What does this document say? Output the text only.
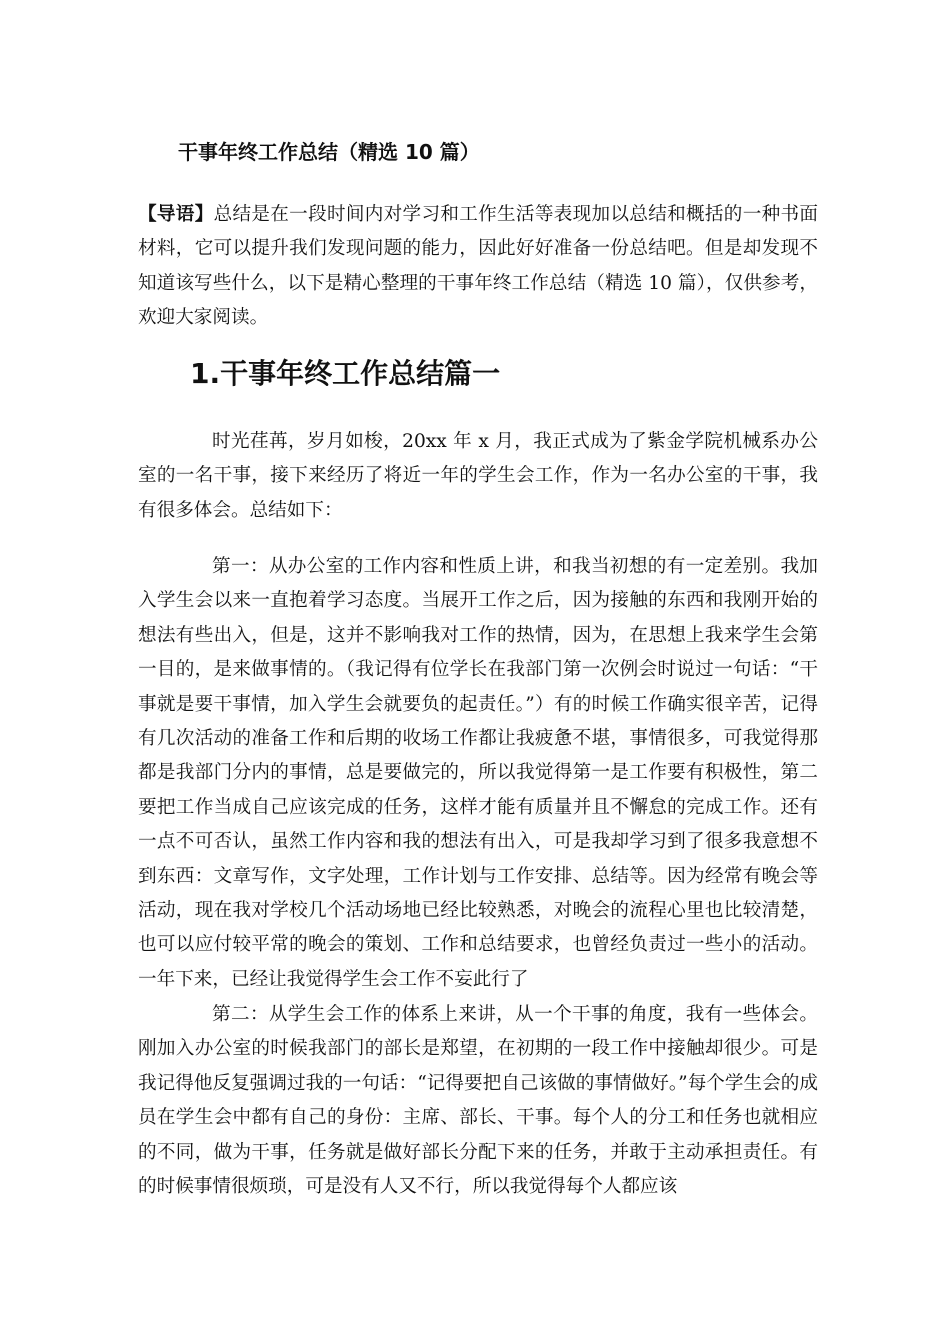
干事年终工作总结（精选 10 篇）

【导语】总结是在一段时间内对学习和工作生活等表现加以总结和概括的一种书面材料，它可以提升我们发现问题的能力，因此好好准备一份总结吧。但是却发现不知道该写些什么，以下是精心整理的干事年终工作总结（精选 10 篇），仅供参考，欢迎大家阅读。

1.干事年终工作总结篇一

时光荏苒，岁月如梭，20xx 年 x 月，我正式成为了紫金学院机械系办公室的一名干事，接下来经历了将近一年的学生会工作，作为一名办公室的干事，我有很多体会。总结如下：

第一：从办公室的工作内容和性质上讲，和我当初想的有一定差别。我加入学生会以来一直抱着学习态度。当展开工作之后，因为接触的东西和我刚开始的想法有些出入，但是，这并不影响我对工作的热情，因为，在思想上我来学生会第一目的，是来做事情的。（我记得有位学长在我部门第一次例会时说过一句话：“干事就是要干事情，加入学生会就要负的起责任。”）有的时候工作确实很辛苦，记得有几次活动的准备工作和后期的收场工作都让我疲惫不堪，事情很多，可我觉得那都是我部门分内的事情，总是要做完的，所以我觉得第一是工作要有积极性，第二要把工作当成自己应该完成的任务，这样才能有质量并且不懈怠的完成工作。还有一点不可否认，虽然工作内容和我的想法有出入，可是我却学习到了很多我意想不到东西：文章写作，文字处理，工作计划与工作安排、总结等。因为经常有晚会等活动，现在我对学校几个活动场地已经比较熟悉，对晚会的流程心里也比较清楚，也可以应付较平常的晚会的策划、工作和总结要求，也曾经负责过一些小的活动。一年下来，已经让我觉得学生会工作不妄此行了

第二：从学生会工作的体系上来讲，从一个干事的角度，我有一些体会。刚加入办公室的时候我部门的部长是郑望，在初期的一段工作中接触却很少。可是我记得他反复强调过我的一句话：“记得要把自己该做的事情做好。”每个学生会的成员在学生会中都有自己的身份：主席、部长、干事。每个人的分工和任务也就相应的不同，做为干事，任务就是做好部长分配下来的任务，并敢于主动承担责任。有的时候事情很烦琐，可是没有人又不行，所以我觉得每个人都应该
